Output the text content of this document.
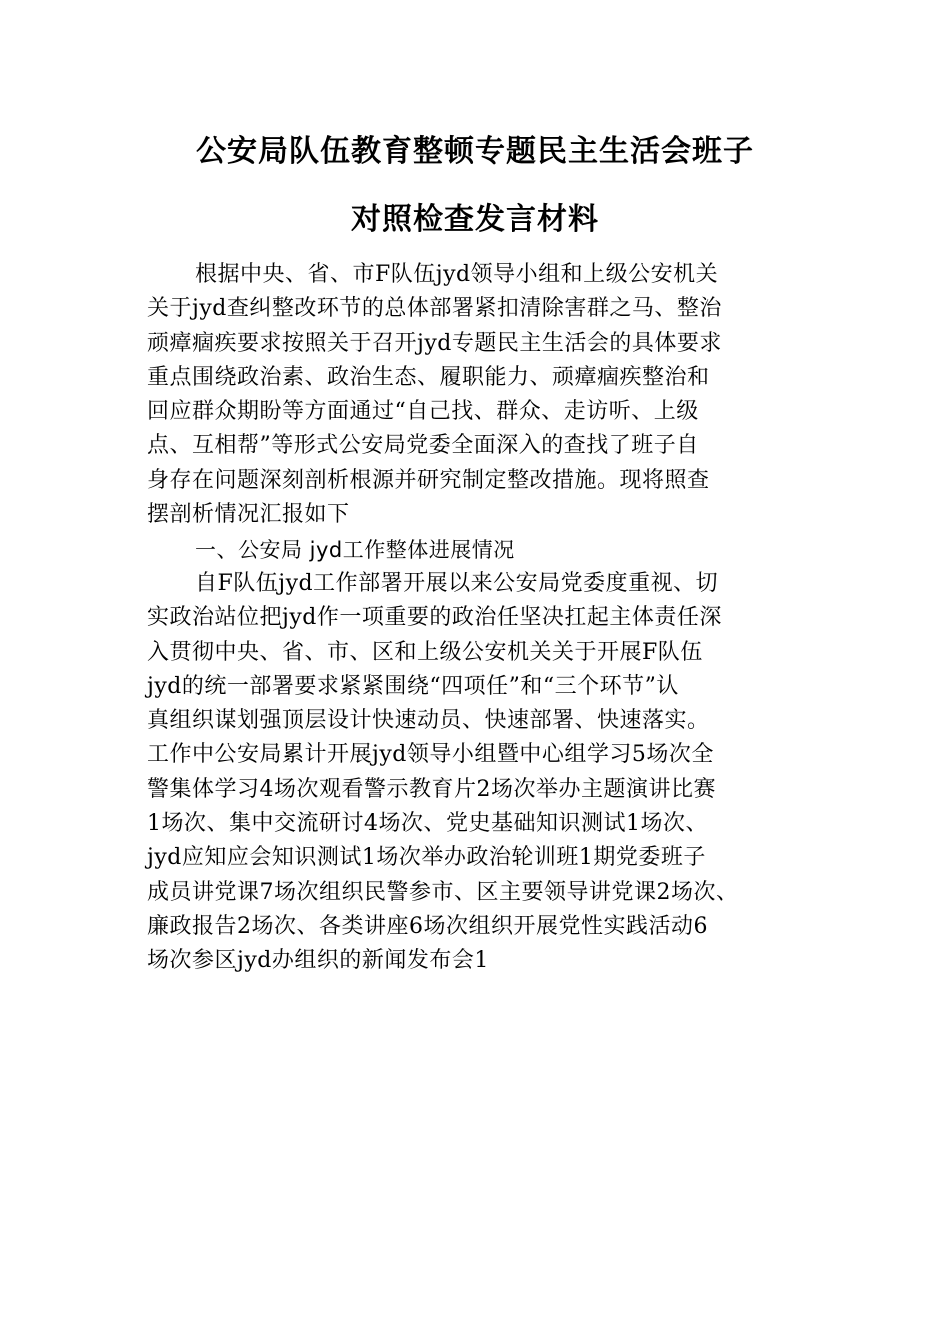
公安局队伍教育整顿专题民主生活会班子
对照检查发言材料
根据中央、省、市F队伍jyd领导小组和上级公安机关
关于jyd查纠整改环节的总体部署紧扣清除害群之马、整治
顽瘴痼疾要求按照关于召开jyd专题民主生活会的具体要求
重点围绕政治素、政治生态、履职能力、顽瘴痼疾整治和
回应群众期盼等方面通过“自己找、群众、走访听、上级
点、互相帮”等形式公安局党委全面深入的查找了班子自
身存在问题深刻剖析根源并研究制定整改措施。现将照查
摆剖析情况汇报如下
一、公安局 jyd工作整体进展情况
自F队伍jyd工作部署开展以来公安局党委度重视、切
实政治站位把jyd作一项重要的政治任坚决扛起主体责任深
入贯彻中央、省、市、区和上级公安机关关于开展F队伍
jyd的统一部署要求紧紧围绕“四项任”和“三个环节”认
真组织谋划强顶层设计快速动员、快速部署、快速落实。
工作中公安局累计开展jyd领导小组暨中心组学习5场次全
警集体学习4场次观看警示教育片2场次举办主题演讲比赛
1场次、集中交流研讨4场次、党史基础知识测试1场次、
jyd应知应会知识测试1场次举办政治轮训班1期党委班子
成员讲党课7场次组织民警参市、区主要领导讲党课2场次、
廉政报告2场次、各类讲座6场次组织开展党性实践活动6
场次参区jyd办组织的新闻发布会1
